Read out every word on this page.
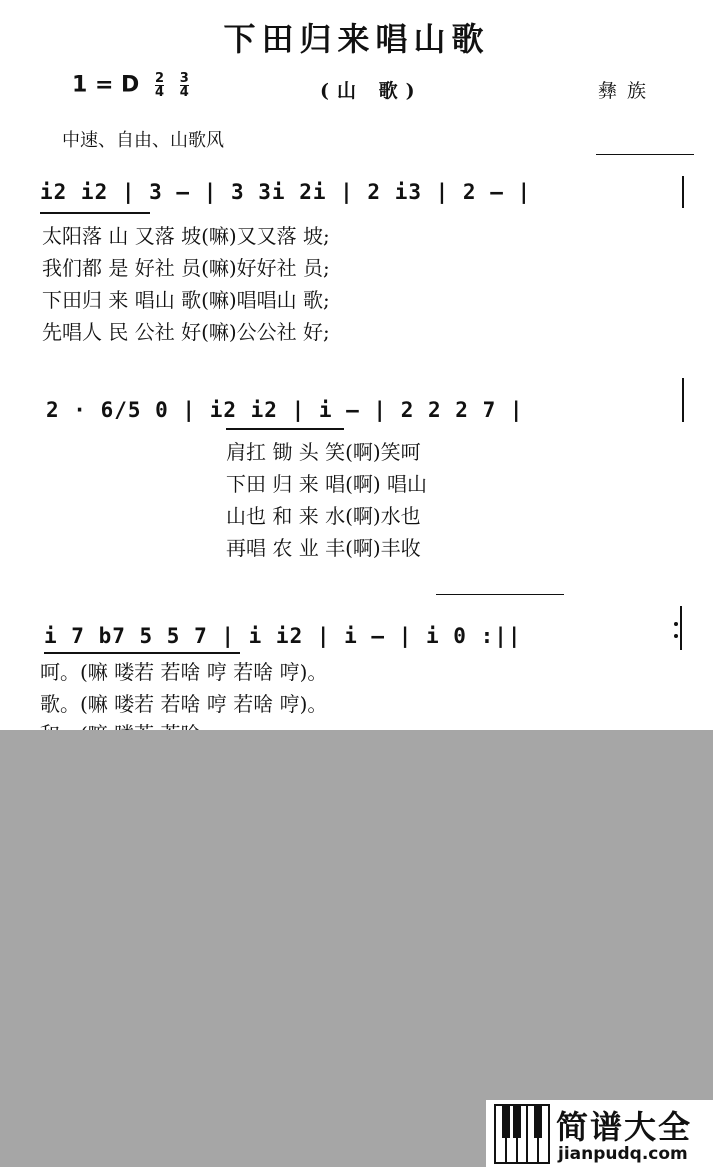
下田归来唱山歌
1 = D $\frac{2}{4}$
$\frac{3}{4}$	(山 歌)	彝族
中速、自由、山歌风
i2 i2 | 3 – | 3 3i 2i | 2 i3 | 2 – |
太阳落 山 又落 坡(嘛)又又落 坡;
我们都 是 好社 员(嘛)好好社 员;
下田归 来 唱山 歌(嘛)唱唱山 歌;
先唱人 民 公社 好(嘛)公公社 好;
2 · 6/5 0 | i2 i2 | i – | 2 2 2 7 |
肩扛 锄 头 笑(啊)笑呵
下田 归 来 唱(啊) 唱山
山也 和 来 水(啊)水也
再唱 农 业 丰(啊)丰收
i 7 b7 5 5 7 | i i2 | i – | i 0 :||
呵。(嘛 喽若 若啥 哼 若啥 哼)。
歌。(嘛 喽若 若啥 哼 若啥 哼)。
简谱大全
jianpudq.com
